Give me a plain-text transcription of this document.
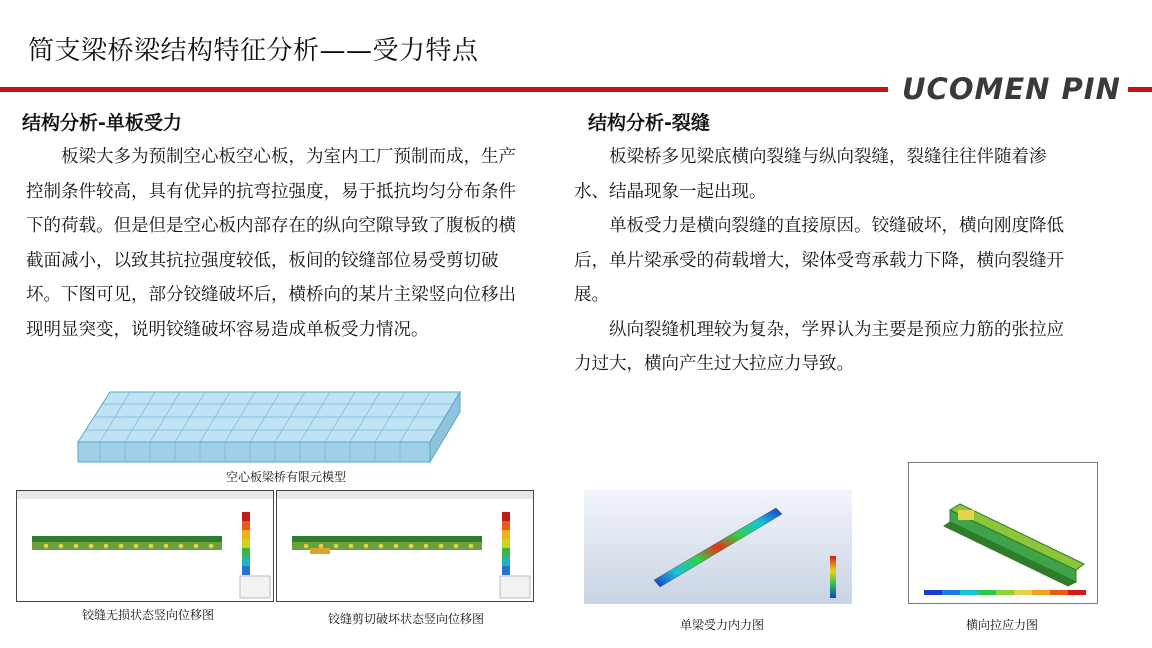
简支梁桥梁结构特征分析——受力特点
UCOMEN PIN
结构分析-单板受力

板梁大多为预制空心板空心板，为室内工厂预制而成，生产控制条件较高，具有优异的抗弯拉强度，易于抵抗均匀分布条件下的荷载。但是但是空心板内部存在的纵向空隙导致了腹板的横截面减小，以致其抗拉强度较低，板间的铰缝部位易受剪切破坏。下图可见，部分铰缝破坏后，横桥向的某片主梁竖向位移出现明显突变，说明铰缝破坏容易造成单板受力情况。

空心板梁桥有限元模型
铰缝无损状态竖向位移图	铰缝剪切破坏状态竖向位移图
结构分析-裂缝

板梁桥多见梁底横向裂缝与纵向裂缝，裂缝往往伴随着渗水、结晶现象一起出现。

单板受力是横向裂缝的直接原因。铰缝破坏，横向刚度降低后，单片梁承受的荷载增大，梁体受弯承载力下降，横向裂缝开展。

纵向裂缝机理较为复杂，学界认为主要是预应力筋的张拉应力过大，横向产生过大拉应力导致。

单梁受力内力图	横向拉应力图
